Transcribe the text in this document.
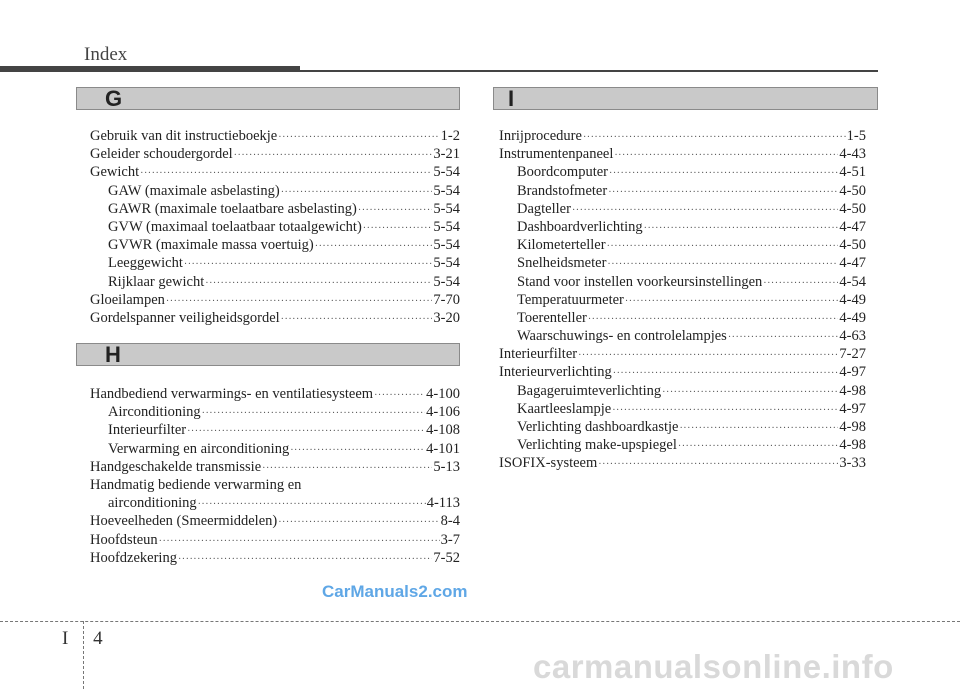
Index
G
Gebruik van dit instructieboekje ·····	1-2
Geleider schoudergordel ·····	3-21
Gewicht ·····	5-54
GAW (maximale asbelasting) ·····	5-54
GAWR (maximale toelaatbare asbelasting) ·····	5-54
GVW (maximaal toelaatbaar totaalgewicht) ·····	5-54
GVWR (maximale massa voertuig) ·····	5-54
Leeggewicht ·····	5-54
Rijklaar gewicht ·····	5-54
Gloeilampen ·····	7-70
Gordelspanner veiligheidsgordel ·····	3-20
H
Handbediend verwarmings- en ventilatiesysteem ·····	4-100
Airconditioning ·····	4-106
Interieurfilter ·····	4-108
Verwarming en airconditioning ·····	4-101
Handgeschakelde transmissie ·····	5-13
Handmatig bediende verwarming en
airconditioning ·····	4-113
Hoeveelheden (Smeermiddelen) ·····	8-4
Hoofdsteun ·····	3-7
Hoofdzekering ·····	7-52
I
Inrijprocedure ·····	1-5
Instrumentenpaneel ·····	4-43
Boordcomputer ·····	4-51
Brandstofmeter ·····	4-50
Dagteller ·····	4-50
Dashboardverlichting ·····	4-47
Kilometerteller ·····	4-50
Snelheidsmeter ·····	4-47
Stand voor instellen voorkeursinstellingen ·····	4-54
Temperatuurmeter ·····	4-49
Toerenteller ·····	4-49
Waarschuwings- en controlelampjes ·····	4-63
Interieurfilter ·····	7-27
Interieurverlichting ·····	4-97
Bagageruimteverlichting ·····	4-98
Kaartleeslampje ·····	4-97
Verlichting dashboardkastje ·····	4-98
Verlichting make-upspiegel ·····	4-98
ISOFIX-systeem ·····	3-33
CarManuals2.com
I 4
carmanualsonline.info
